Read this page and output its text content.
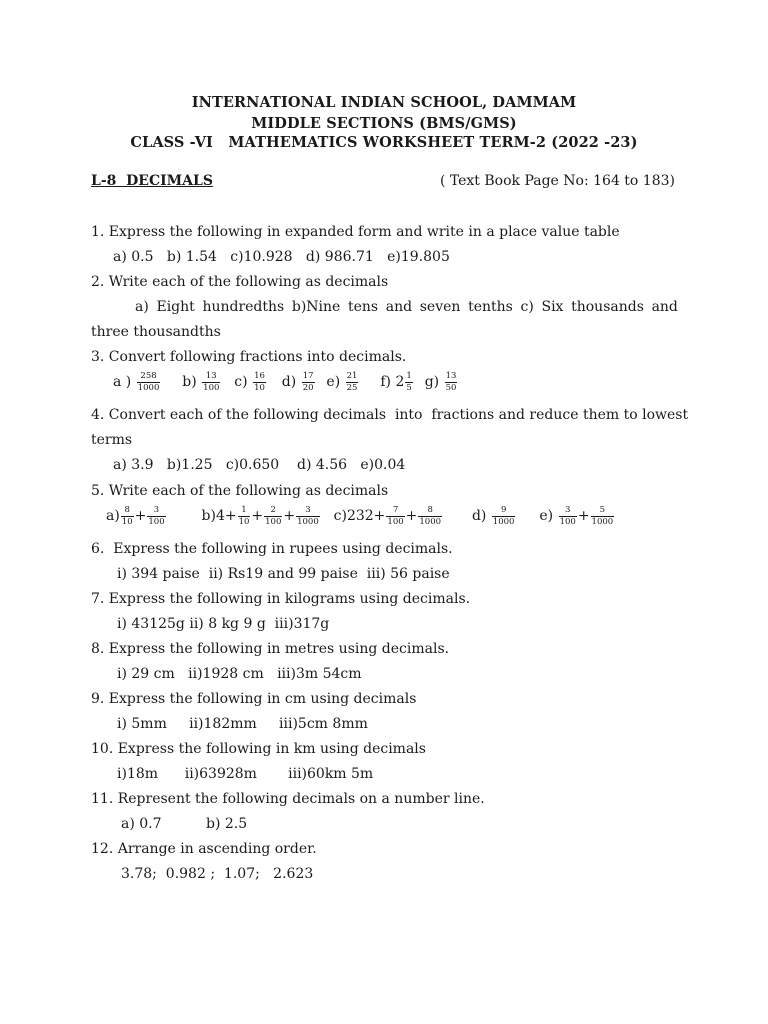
INTERNATIONAL INDIAN SCHOOL, DAMMAM
MIDDLE SECTIONS (BMS/GMS)
CLASS -VI   MATHEMATICS WORKSHEET TERM-2 (2022 -23)
L-8  DECIMALS	( Text Book Page No: 164 to 183)
1. Express the following in expanded form and write in a place value table
a) 0.5   b) 1.54   c)10.928   d) 986.71   e)19.805
2. Write each of the following as decimals
a) Eight hundredths b)Nine tens and seven tenths c) Six thousands and
three thousandths
3. Convert following fractions into decimals.
a ) $\frac{258}{1000} b) \frac{13}{100} c) \frac{16}{10} d) \frac{17}{20} e) \frac{21}{25} f$) $2 \frac{1}{5} g) \frac{13}{50}$
4. Convert each of the following decimals  into  fractions and reduce them to lowest
terms
a) 3.9   b)1.25   c)0.650    d) 4.56   e)0.04
5. Write each of the following as decimals
$a) \frac{8}{10} + \frac{3}{100}$	$b)4+ \frac{1}{10} + \frac{2}{100} + \frac{3}{1000} c)232+ \frac{7}{100} + \frac{8}{1000} d) \frac{9}{1000} e) \frac{3}{100} + \frac{5}{1000}$
6.  Express the following in rupees using decimals.
i) 394 paise  ii) Rs19 and 99 paise  iii) 56 paise
7. Express the following in kilograms using decimals.
i) 43125g ii) 8 kg 9 g  iii)317g
8. Express the following in metres using decimals.
i) 29 cm   ii)1928 cm   iii)3m 54cm
9. Express the following in cm using decimals
i) 5mm     ii)182mm     iii)5cm 8mm
10. Express the following in km using decimals
i)18m      ii)63928m       iii)60km 5m
11. Represent the following decimals on a number line.
a) 0.7          b) 2.5
12. Arrange in ascending order.
3.78;  0.982 ;  1.07;   2.623
